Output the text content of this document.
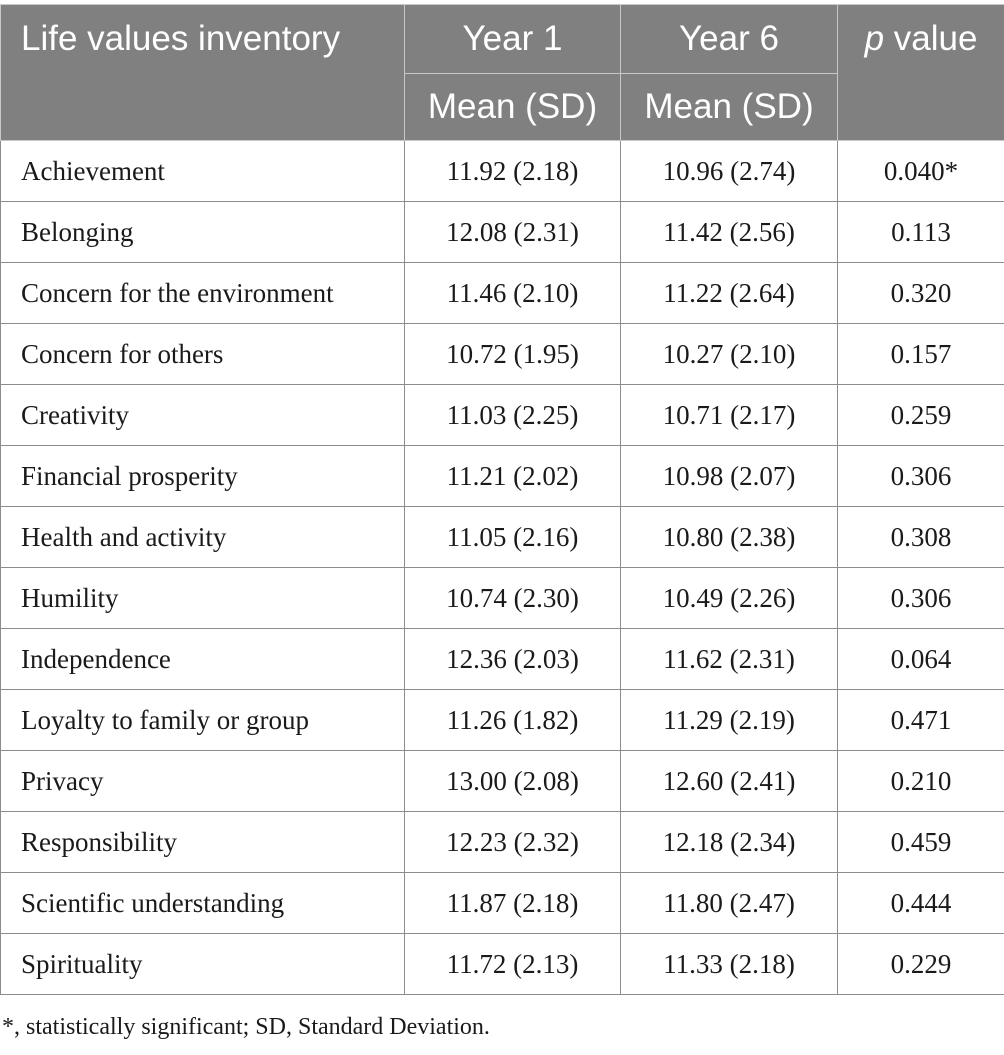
Life values inventory	Year 1	Year 6	p value
	Mean (SD)	Mean (SD)	
Achievement	11.92 (2.18)	10.96 (2.74)	0.040*
Belonging	12.08 (2.31)	11.42 (2.56)	0.113
Concern for the environment	11.46 (2.10)	11.22 (2.64)	0.320
Concern for others	10.72 (1.95)	10.27 (2.10)	0.157
Creativity	11.03 (2.25)	10.71 (2.17)	0.259
Financial prosperity	11.21 (2.02)	10.98 (2.07)	0.306
Health and activity	11.05 (2.16)	10.80 (2.38)	0.308
Humility	10.74 (2.30)	10.49 (2.26)	0.306
Independence	12.36 (2.03)	11.62 (2.31)	0.064
Loyalty to family or group	11.26 (1.82)	11.29 (2.19)	0.471
Privacy	13.00 (2.08)	12.60 (2.41)	0.210
Responsibility	12.23 (2.32)	12.18 (2.34)	0.459
Scientific understanding	11.87 (2.18)	11.80 (2.47)	0.444
Spirituality	11.72 (2.13)	11.33 (2.18)	0.229
*, statistically significant; SD, Standard Deviation.
